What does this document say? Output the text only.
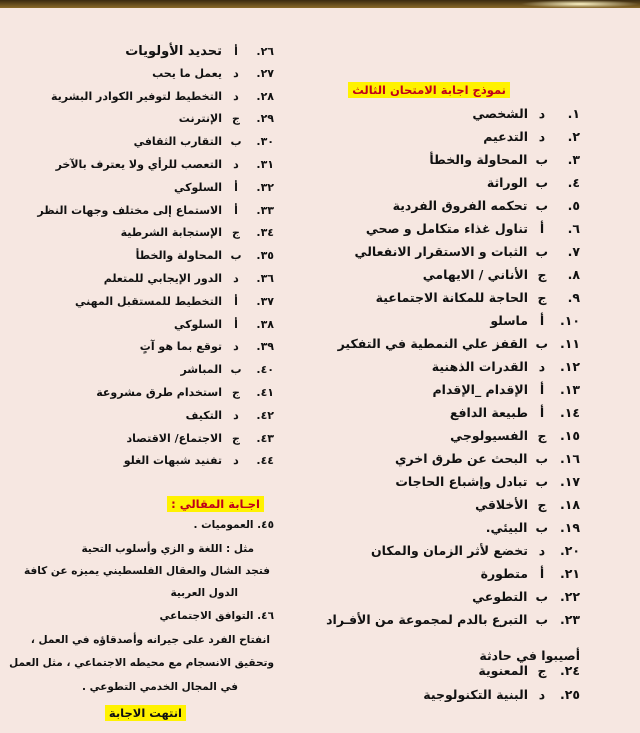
نموذج اجابة الامتحان الثالث
١.
د
الشخصي
٢.
د
التدعيم
٣.
ب
المحاولة والخطأ
٤.
ب
الوراثة
٥.
ب
تحكمه الفروق الفردية
٦.
أ
تناول غذاء متكامل و صحي
٧.
ب
الثبات و الاستقرار الانفعالي
٨.
ج
الأناني / الايهامي
٩.
ج
الحاجة للمكانة الاجتماعية
١٠.
أ
ماسلو
١١.
ب
القفز علي النمطية في التفكير
١٢.
د
القدرات الذهنية
١٣.
أ
الإقدام _الإقدام
١٤.
أ
طبيعة الدافع
١٥.
ج
الفسيولوجي
١٦.
ب
البحث عن طرق اخري
١٧.
ب
تبادل وإشباع الحاجات
١٨.
ج
الأخلاقي
١٩.
ب
البيئي.
٢٠.
د
تخضع لأثر الزمان والمكان
٢١.
أ
متطورة
٢٢.
ب
التطوعي
٢٣.
ب
التبرع بالدم لمجموعة من الأفـراد
٢٤.
ج
المعنوية
٢٥.
د
البنية التكنولوجية
أصيبوا في حادثة
٢٦.
أ
تحديد الأولويات
٢٧.
د
يعمل ما يحب
٢٨.
د
التخطيط لتوفير الكوادر البشرية
٢٩.
ج
الإنترنت
٣٠.
ب
التقارب الثقافي
٣١.
د
التعصب للرأي ولا يعترف بالآخر
٣٢.
أ
السلوكي
٣٣.
أ
الاستماع إلى مختلف وجهات النظر
٣٤.
ج
الإستجابة الشرطية
٣٥.
ب
المحاولة والخطأ
٣٦.
د
الدور الإيجابي للمتعلم
٣٧.
أ
التخطيط للمستقبل المهني
٣٨.
أ
السلوكي
٣٩.
د
توقع بما هو آتٍ
٤٠.
ب
المباشر
٤١.
ج
استخدام طرق مشروعة
٤٢.
د
التكيف
٤٣.
ج
الاجتماع/ الاقتصاد
٤٤.
د
تفنيد شبهات الغلو
اجـابة المقالي :
٤٥. العموميات .
مثل : اللغة و الزي وأسلوب التحية
فتجد الشال والعقال الفلسطيني يميزه عن كافة
الدول العربية
٤٦. التوافق الاجتماعي
انفتاح الفرد على جيرانه وأصدقاؤه في العمل ،
وتحقيق الانسجام مع محيطه الاجتماعي ، مثل العمل
في المجال الخدمي التطوعي .
انتهت الاجابة
